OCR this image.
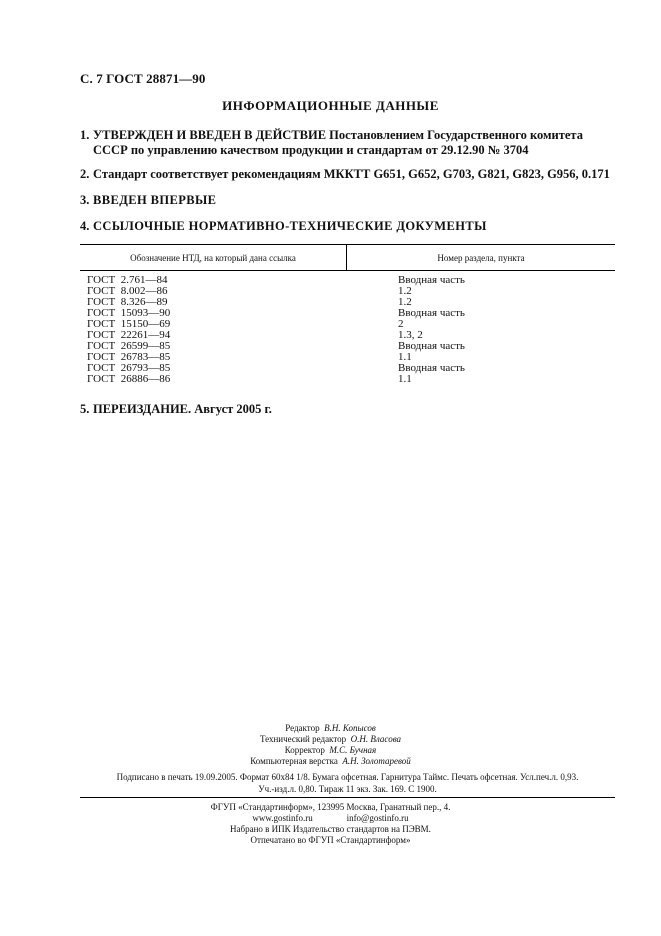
С. 7 ГОСТ 28871—90
ИНФОРМАЦИОННЫЕ ДАННЫЕ
1. УТВЕРЖДЕН И ВВЕДЕН В ДЕЙСТВИЕ Постановлением Государственного комитета СССР по управлению качеством продукции и стандартам от 29.12.90 № 3704
2. Стандарт соответствует рекомендациям МККТТ G651, G652, G703, G821, G823, G956, 0.171
3. ВВЕДЕН ВПЕРВЫЕ
4. ССЫЛОЧНЫЕ НОРМАТИВНО-ТЕХНИЧЕСКИЕ ДОКУМЕНТЫ
Обозначение НТД, на который дана ссылка	Номер раздела, пункта
ГОСТ  2.761—84	Вводная часть
ГОСТ  8.002—86	1.2
ГОСТ  8.326—89	1.2
ГОСТ  15093—90	Вводная часть
ГОСТ  15150—69	2
ГОСТ  22261—94	1.3, 2
ГОСТ  26599—85	Вводная часть
ГОСТ  26783—85	1.1
ГОСТ  26793—85	Вводная часть
ГОСТ  26886—86	1.1
5. ПЕРЕИЗДАНИЕ. Август 2005 г.
Редактор В.Н. Копысов
Технический редактор О.Н. Власова
Корректор М.С. Бучная
Компьютерная верстка А.Н. Золотаревой
Подписано в печать 19.09.2005. Формат 60х84 1/8. Бумага офсетная. Гарнитура Таймс. Печать офсетная. Усл.печ.л. 0,93.
Уч.-изд.л. 0,80. Тираж 11 экз. Зак. 169. С 1900.
ФГУП «Стандартинформ», 123995 Москва, Гранатный пер., 4.
www.gostinfo.ru	info@gostinfo.ru
Набрано в ИПК Издательство стандартов на ПЭВМ.
Отпечатано во ФГУП «Стандартинформ»
